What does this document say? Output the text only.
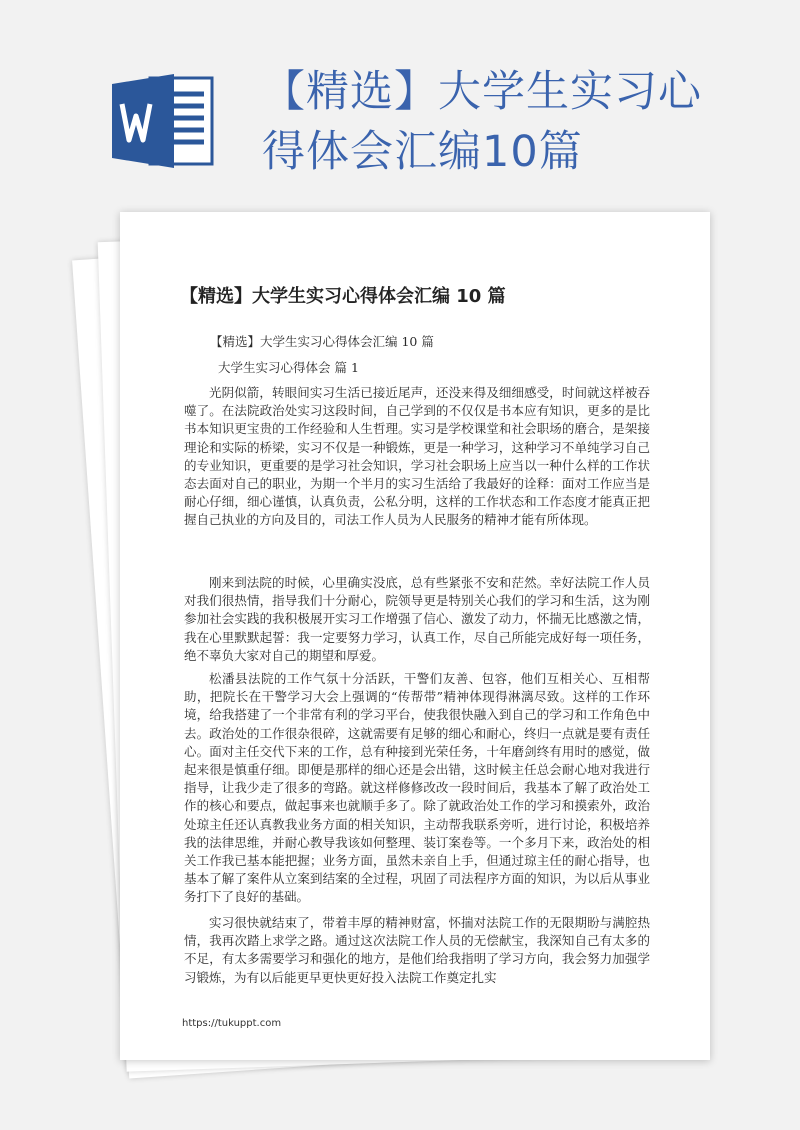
【精选】大学生实习心得体会汇编10篇
【精选】大学生实习心得体会汇编 10 篇
【精选】大学生实习心得体会汇编 10 篇
大学生实习心得体会 篇 1

光阴似箭，转眼间实习生活已接近尾声，还没来得及细细感受，时间就这样被吞噬了。在法院政治处实习这段时间，自己学到的不仅仅是书本应有知识，更多的是比书本知识更宝贵的工作经验和人生哲理。实习是学校课堂和社会职场的磨合，是架接理论和实际的桥梁，实习不仅是一种锻炼，更是一种学习，这种学习不单纯学习自己的专业知识，更重要的是学习社会知识，学习社会职场上应当以一种什么样的工作状态去面对自己的职业，为期一个半月的实习生活给了我最好的诠释：面对工作应当是耐心仔细，细心谨慎，认真负责，公私分明，这样的工作状态和工作态度才能真正把握自己执业的方向及目的，司法工作人员为人民服务的精神才能有所体现。

刚来到法院的时候，心里确实没底，总有些紧张不安和茫然。幸好法院工作人员对我们很热情，指导我们十分耐心，院领导更是特别关心我们的学习和生活，这为刚参加社会实践的我积极展开实习工作增强了信心、激发了动力，怀揣无比感激之情，我在心里默默起誓：我一定要努力学习，认真工作，尽自己所能完成好每一项任务，绝不辜负大家对自己的期望和厚爱。

松潘县法院的工作气氛十分活跃，干警们友善、包容，他们互相关心、互相帮助，把院长在干警学习大会上强调的“传帮带”精神体现得淋漓尽致。这样的工作环境，给我搭建了一个非常有利的学习平台，使我很快融入到自己的学习和工作角色中去。政治处的工作很杂很碎，这就需要有足够的细心和耐心，终归一点就是要有责任心。面对主任交代下来的工作，总有种接到光荣任务，十年磨剑终有用时的感觉，做起来很是慎重仔细。即便是那样的细心还是会出错，这时候主任总会耐心地对我进行指导，让我少走了很多的弯路。就这样修修改改一段时间后，我基本了解了政治处工作的核心和要点，做起事来也就顺手多了。除了就政治处工作的学习和摸索外，政治处琼主任还认真教我业务方面的相关知识，主动帮我联系旁听，进行讨论，积极培养我的法律思维，并耐心教导我该如何整理、装订案卷等。一个多月下来，政治处的相关工作我已基本能把握；业务方面，虽然未亲自上手，但通过琼主任的耐心指导，也基本了解了案件从立案到结案的全过程，巩固了司法程序方面的知识，为以后从事业务打下了良好的基础。

实习很快就结束了，带着丰厚的精神财富，怀揣对法院工作的无限期盼与满腔热情，我再次踏上求学之路。通过这次法院工作人员的无偿献宝，我深知自己有太多的不足，有太多需要学习和强化的地方，是他们给我指明了学习方向，我会努力加强学习锻炼，为有以后能更早更快更好投入法院工作奠定扎实

https://tukuppt.com
